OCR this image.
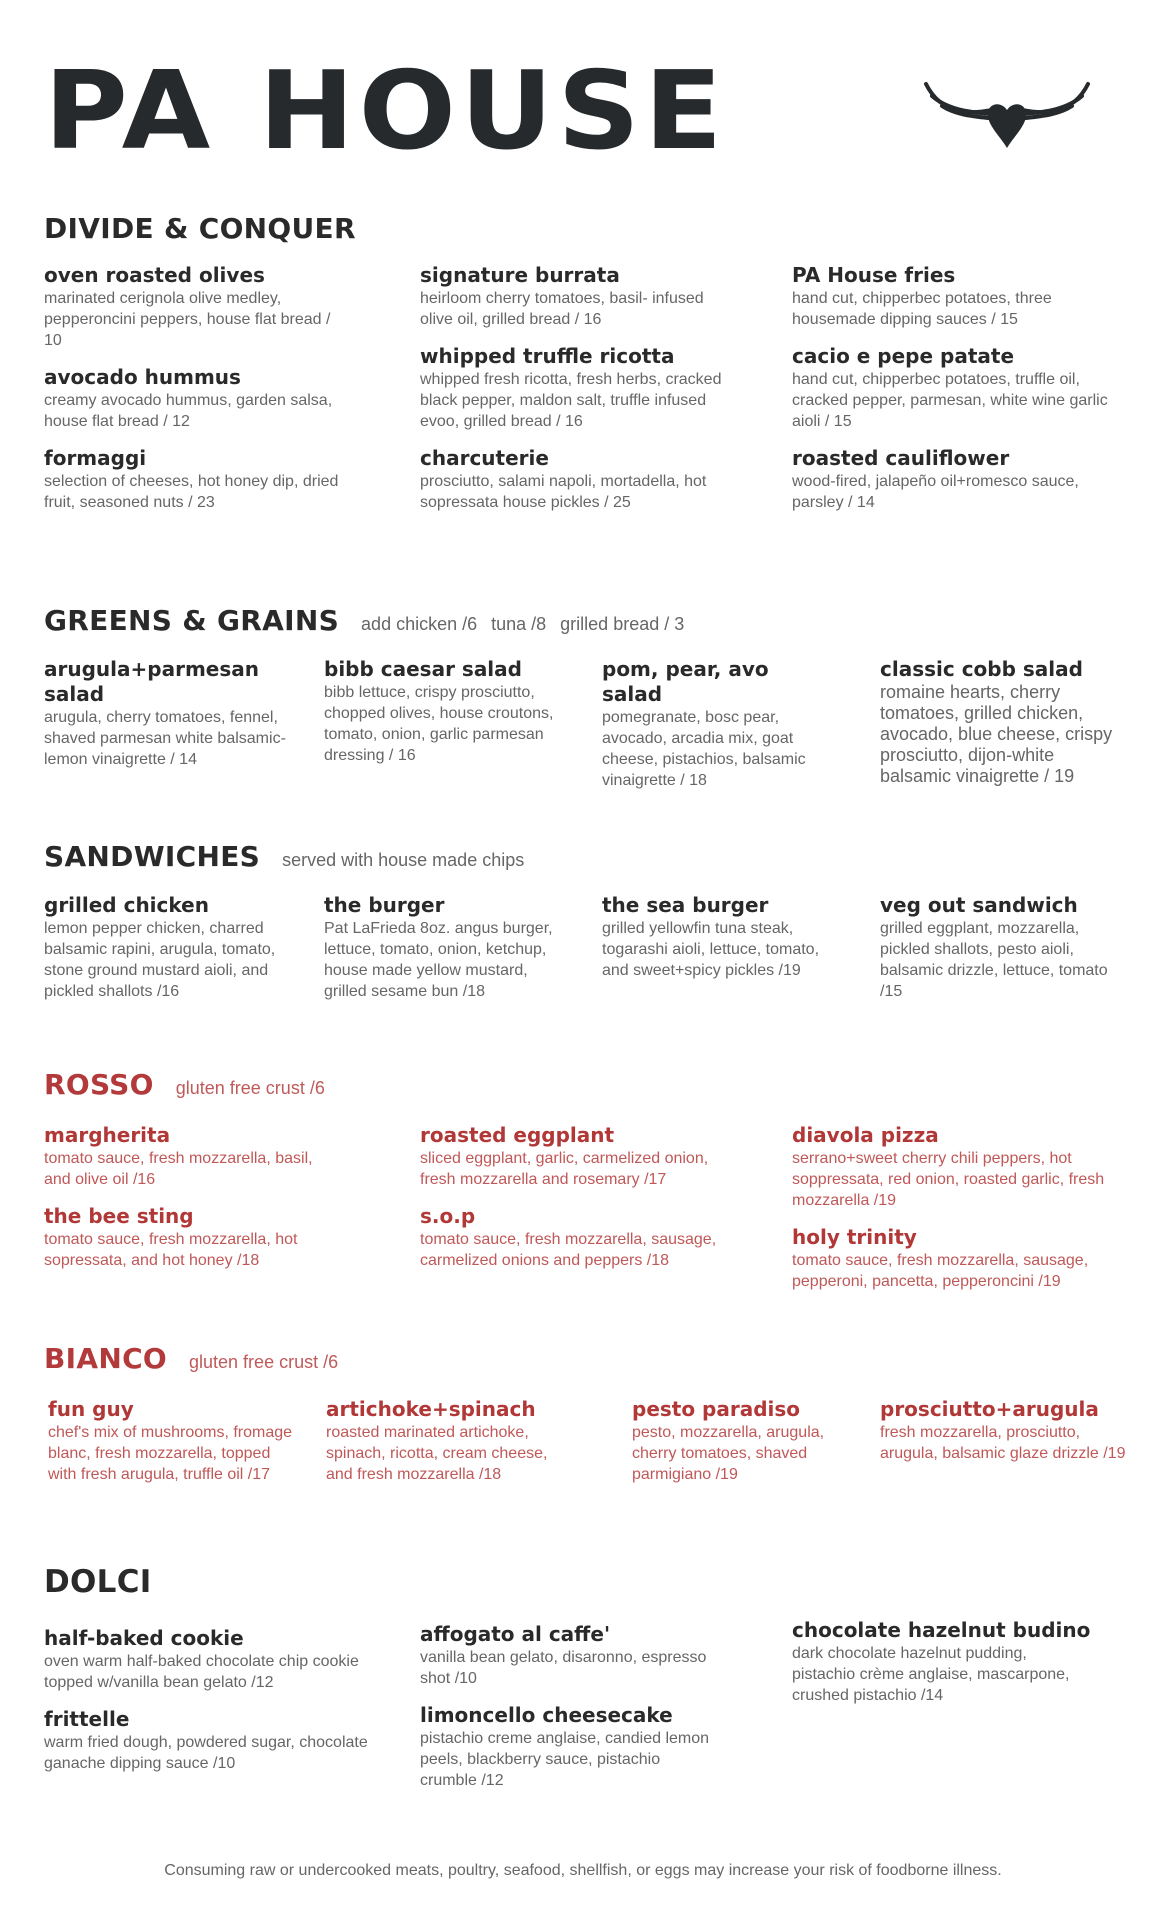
PA HOUSE
DIVIDE & CONQUER
oven roasted olives
marinated cerignola olive medley, pepperoncini peppers, house flat bread / 10
avocado hummus
creamy avocado hummus, garden salsa, house flat bread / 12
formaggi
selection of cheeses, hot honey dip, dried fruit, seasoned nuts / 23
signature burrata
heirloom cherry tomatoes, basil- infused olive oil, grilled bread / 16
whipped truffle ricotta
whipped fresh ricotta, fresh herbs, cracked black pepper, maldon salt, truffle infused evoo, grilled bread / 16
charcuterie
prosciutto, salami napoli, mortadella, hot sopressata house pickles / 25
PA House fries
hand cut, chipperbec potatoes, three housemade dipping sauces / 15
cacio e pepe patate
hand cut, chipperbec potatoes, truffle oil, cracked pepper, parmesan, white wine garlic aioli / 15
roasted cauliflower
wood-fired, jalapeño oil+romesco sauce, parsley / 14
GREENS & GRAINS add chicken /6 tuna /8 grilled bread / 3
arugula+parmesan salad
arugula, cherry tomatoes, fennel, shaved parmesan white balsamic-lemon vinaigrette / 14
bibb caesar salad
bibb lettuce, crispy prosciutto, chopped olives, house croutons, tomato, onion, garlic parmesan dressing / 16
pom, pear, avo salad
pomegranate, bosc pear, avocado, arcadia mix, goat cheese, pistachios, balsamic vinaigrette / 18
classic cobb salad
romaine hearts, cherry tomatoes, grilled chicken, avocado, blue cheese, crispy prosciutto, dijon-white balsamic vinaigrette / 19
SANDWICHES served with house made chips
grilled chicken
lemon pepper chicken, charred balsamic rapini, arugula, tomato, stone ground mustard aioli, and pickled shallots /16
the burger
Pat LaFrieda 8oz. angus burger, lettuce, tomato, onion, ketchup, house made yellow mustard, grilled sesame bun /18
the sea burger
grilled yellowfin tuna steak, togarashi aioli, lettuce, tomato, and sweet+spicy pickles /19
veg out sandwich
grilled eggplant, mozzarella, pickled shallots, pesto aioli, balsamic drizzle, lettuce, tomato /15
ROSSO gluten free crust /6
margherita
tomato sauce, fresh mozzarella, basil, and olive oil /16
the bee sting
tomato sauce, fresh mozzarella, hot sopressata, and hot honey /18
roasted eggplant
sliced eggplant, garlic, carmelized onion, fresh mozzarella and rosemary /17
s.o.p
tomato sauce, fresh mozzarella, sausage, carmelized onions and peppers /18
diavola pizza
serrano+sweet cherry chili peppers, hot soppressata, red onion, roasted garlic, fresh mozzarella /19
holy trinity
tomato sauce, fresh mozzarella, sausage, pepperoni, pancetta, pepperoncini /19
BIANCO gluten free crust /6
fun guy
chef's mix of mushrooms, fromage blanc, fresh mozzarella, topped with fresh arugula, truffle oil /17
artichoke+spinach
roasted marinated artichoke, spinach, ricotta, cream cheese, and fresh mozzarella /18
pesto paradiso
pesto, mozzarella, arugula, cherry tomatoes, shaved parmigiano /19
prosciutto+arugula
fresh mozzarella, prosciutto, arugula, balsamic glaze drizzle /19
DOLCI
half-baked cookie
oven warm half-baked chocolate chip cookie topped w/vanilla bean gelato /12
frittelle
warm fried dough, powdered sugar, chocolate ganache dipping sauce /10
affogato al caffe'
vanilla bean gelato, disaronno, espresso shot /10
limoncello cheesecake
pistachio creme anglaise, candied lemon peels, blackberry sauce, pistachio crumble /12
chocolate hazelnut budino
dark chocolate hazelnut pudding, pistachio crème anglaise, mascarpone, crushed pistachio /14
Consuming raw or undercooked meats, poultry, seafood, shellfish, or eggs may increase your risk of foodborne illness.
